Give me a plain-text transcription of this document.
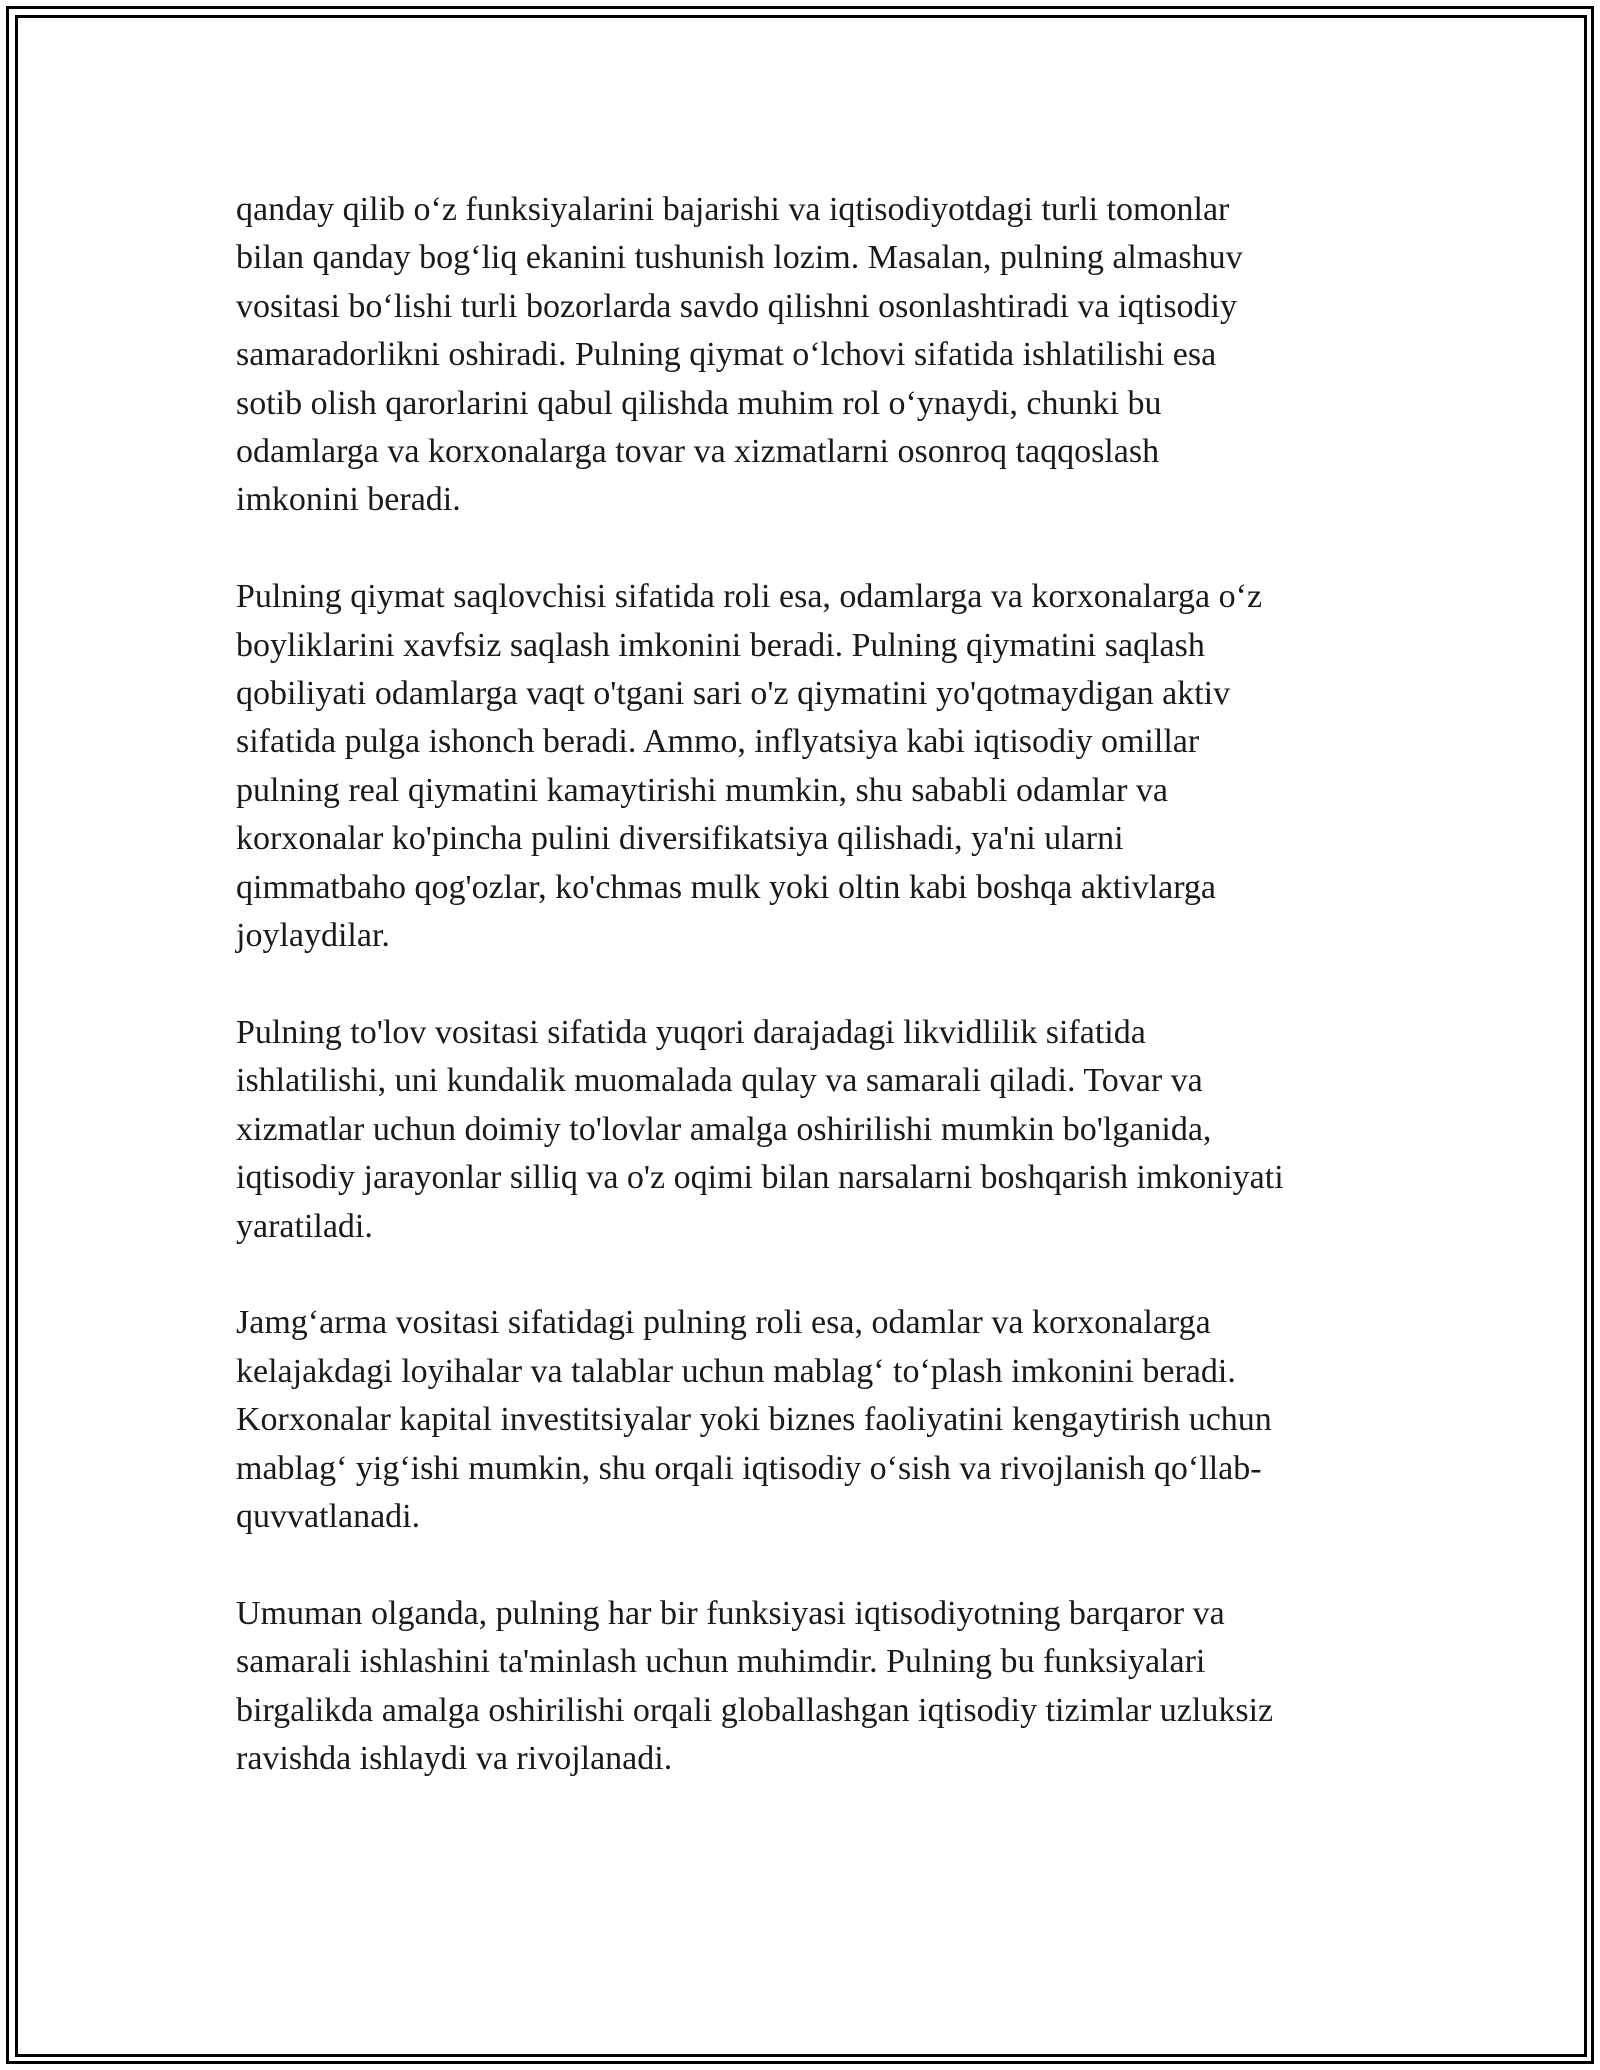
qanday qilib o‘z funksiyalarini bajarishi va iqtisodiyotdagi turli tomonlar
bilan qanday bog‘liq ekanini tushunish lozim. Masalan, pulning almashuv
vositasi bo‘lishi turli bozorlarda savdo qilishni osonlashtiradi va iqtisodiy
samaradorlikni oshiradi. Pulning qiymat o‘lchovi sifatida ishlatilishi esa
sotib olish qarorlarini qabul qilishda muhim rol o‘ynaydi, chunki bu
odamlarga va korxonalarga tovar va xizmatlarni osonroq taqqoslash
imkonini beradi.

Pulning qiymat saqlovchisi sifatida roli esa, odamlarga va korxonalarga o‘z
boyliklarini xavfsiz saqlash imkonini beradi. Pulning qiymatini saqlash
qobiliyati odamlarga vaqt o'tgani sari o'z qiymatini yo'qotmaydigan aktiv
sifatida pulga ishonch beradi. Ammo, inflyatsiya kabi iqtisodiy omillar
pulning real qiymatini kamaytirishi mumkin, shu sababli odamlar va
korxonalar ko'pincha pulini diversifikatsiya qilishadi, ya'ni ularni
qimmatbaho qog'ozlar, ko'chmas mulk yoki oltin kabi boshqa aktivlarga
joylaydilar.

Pulning to'lov vositasi sifatida yuqori darajadagi likvidlilik sifatida
ishlatilishi, uni kundalik muomalada qulay va samarali qiladi. Tovar va
xizmatlar uchun doimiy to'lovlar amalga oshirilishi mumkin bo'lganida,
iqtisodiy jarayonlar silliq va o'z oqimi bilan narsalarni boshqarish imkoniyati
yaratiladi.

Jamg‘arma vositasi sifatidagi pulning roli esa, odamlar va korxonalarga
kelajakdagi loyihalar va talablar uchun mablag‘ to‘plash imkonini beradi.
Korxonalar kapital investitsiyalar yoki biznes faoliyatini kengaytirish uchun
mablag‘ yig‘ishi mumkin, shu orqali iqtisodiy o‘sish va rivojlanish qo‘llab-
quvvatlanadi.

Umuman olganda, pulning har bir funksiyasi iqtisodiyotning barqaror va
samarali ishlashini ta'minlash uchun muhimdir. Pulning bu funksiyalari
birgalikda amalga oshirilishi orqali globallashgan iqtisodiy tizimlar uzluksiz
ravishda ishlaydi va rivojlanadi.
